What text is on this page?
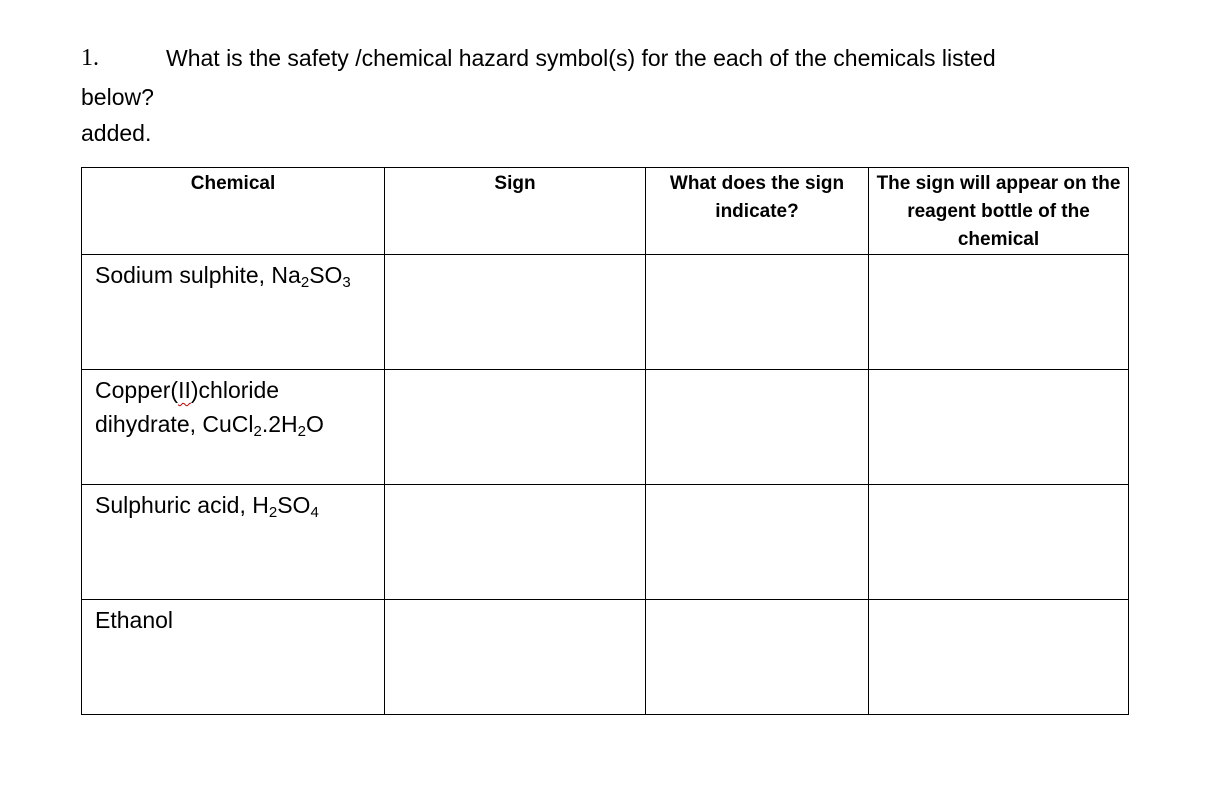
1.	What is the safety /chemical hazard symbol(s) for the each of the chemicals listed
below?
added.
Chemical	Sign	What does the sign indicate?	The sign will appear on the reagent bottle of the chemical

Sodium sulphite, $Na_2SO_3$

Copper(II)chloride
dihydrate, $CuCl_2.2H_2O$			

Sulphuric acid, $H_2SO_4$

Ethanol			
